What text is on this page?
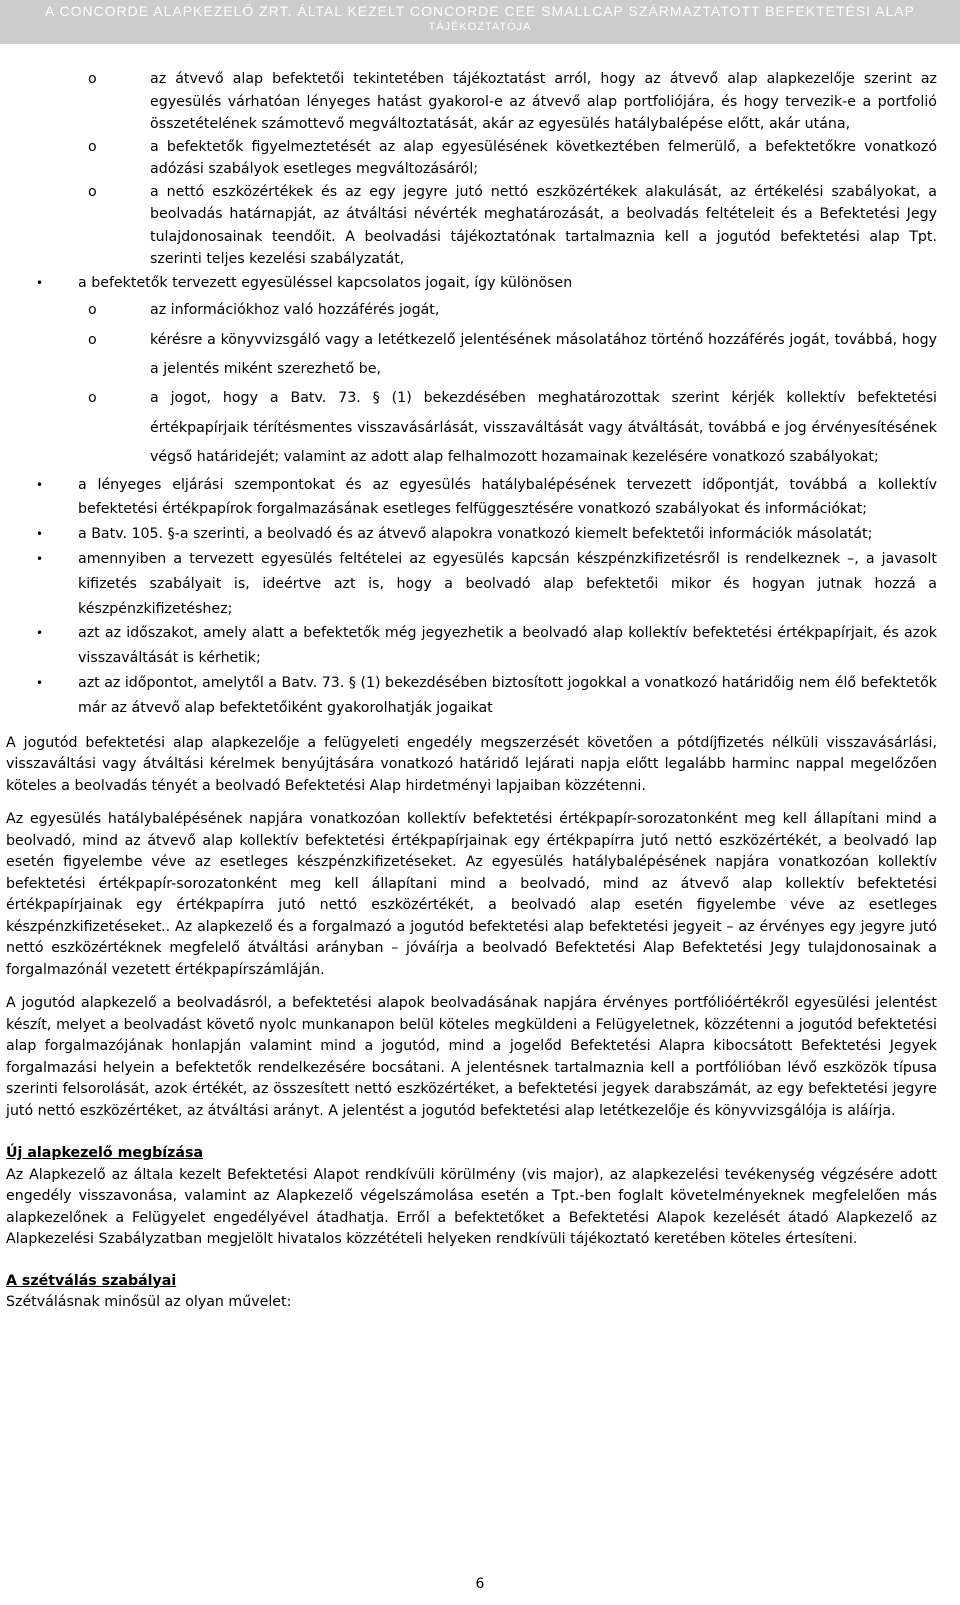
A CONCORDE ALAPKEZELŐ ZRT. ÁLTAL KEZELT CONCORDE CEE SMALLCAP SZÁRMAZTATOTT BEFEKTETÉSI ALAP
TÁJÉKOZTATÓJA
o	az átvevő alap befektetői tekintetében tájékoztatást arról, hogy az átvevő alap alapkezelője szerint az egyesülés várhatóan lényeges hatást gyakorol-e az átvevő alap portfoliójára, és hogy tervezik-e a portfolió összetételének számottevő megváltoztatását, akár az egyesülés hatálybalépése előtt, akár utána,
o	a befektetők figyelmeztetését az alap egyesülésének következtében felmerülő, a befektetőkre vonatkozó adózási szabályok esetleges megváltozásáról;
o	a nettó eszközértékek és az egy jegyre jutó nettó eszközértékek alakulását, az értékelési szabályokat, a beolvadás határnapját, az átváltási névérték meghatározását, a beolvadás feltételeit és a Befektetési Jegy tulajdonosainak teendőit. A beolvadási tájékoztatónak tartalmaznia kell a jogutód befektetési alap Tpt. szerinti teljes kezelési szabályzatát,
• a befektetők tervezett egyesüléssel kapcsolatos jogait, így különösen
o	az információkhoz való hozzáférés jogát,
o	kérésre a könyvvizsgáló vagy a letétkezelő jelentésének másolatához történő hozzáférés jogát, továbbá, hogy a jelentés miként szerezhető be,
o	a jogot, hogy a Batv. 73. § (1) bekezdésében meghatározottak szerint kérjék kollektív befektetési értékpapírjaik térítésmentes visszavásárlását, visszaváltását vagy átváltását, továbbá e jog érvényesítésének végső határidejét; valamint az adott alap felhalmozott hozamainak kezelésére vonatkozó szabályokat;
• a lényeges eljárási szempontokat és az egyesülés hatálybalépésének tervezett időpontját, továbbá a kollektív befektetési értékpapírok forgalmazásának esetleges felfüggesztésére vonatkozó szabályokat és információkat;
• a Batv. 105. §-a szerinti, a beolvadó és az átvevő alapokra vonatkozó kiemelt befektetői információk másolatát;
• amennyiben a tervezett egyesülés feltételei az egyesülés kapcsán készpénzkifizetésről is rendelkeznek –, a javasolt kifizetés szabályait is, ideértve azt is, hogy a beolvadó alap befektetői mikor és hogyan jutnak hozzá a készpénzkifizetéshez;
• azt az időszakot, amely alatt a befektetők még jegyezhetik a beolvadó alap kollektív befektetési értékpapírjait, és azok visszaváltását is kérhetik;
• azt az időpontot, amelytől a Batv. 73. § (1) bekezdésében biztosított jogokkal a vonatkozó határidőig nem élő befektetők már az átvevő alap befektetőiként gyakorolhatják jogaikat
A jogutód befektetési alap alapkezelője a felügyeleti engedély megszerzését követően a pótdíjfizetés nélküli visszavásárlási, visszaváltási vagy átváltási kérelmek benyújtására vonatkozó határidő lejárati napja előtt legalább harminc nappal megelőzően köteles a beolvadás tényét a beolvadó Befektetési Alap hirdetményi lapjaiban közzétenni.
Az egyesülés hatálybalépésének napjára vonatkozóan kollektív befektetési értékpapír-sorozatonként meg kell állapítani mind a beolvadó, mind az átvevő alap kollektív befektetési értékpapírjainak egy értékpapírra jutó nettó eszközértékét, a beolvadó lap esetén figyelembe véve az esetleges készpénzkifizetéseket. Az egyesülés hatálybalépésének napjára vonatkozóan kollektív befektetési értékpapír-sorozatonként meg kell állapítani mind a beolvadó, mind az átvevő alap kollektív befektetési értékpapírjainak egy értékpapírra jutó nettó eszközértékét, a beolvadó alap esetén figyelembe véve az esetleges készpénzkifizetéseket.. Az alapkezelő és a forgalmazó a jogutód befektetési alap befektetési jegyeit – az érvényes egy jegyre jutó nettó eszközértéknek megfelelő átváltási arányban – jóváírja a beolvadó Befektetési Alap Befektetési Jegy tulajdonosainak a forgalmazónál vezetett értékpapírszámláján.
A jogutód alapkezelő a beolvadásról, a befektetési alapok beolvadásának napjára érvényes portfólióértékről egyesülési jelentést készít, melyet a beolvadást követő nyolc munkanapon belül köteles megküldeni a Felügyeletnek, közzétenni a jogutód befektetési alap forgalmazójának honlapján valamint mind a jogutód, mind a jogelőd Befektetési Alapra kibocsátott Befektetési Jegyek forgalmazási helyein a befektetők rendelkezésére bocsátani. A jelentésnek tartalmaznia kell a portfólióban lévő eszközök típusa szerinti felsorolását, azok értékét, az összesített nettó eszközértéket, a befektetési jegyek darabszámát, az egy befektetési jegyre jutó nettó eszközértéket, az átváltási arányt. A jelentést a jogutód befektetési alap letétkezelője és könyvvizsgálója is aláírja.
Új alapkezelő megbízása
Az Alapkezelő az általa kezelt Befektetési Alapot rendkívüli körülmény (vis major), az alapkezelési tevékenység végzésére adott engedély visszavonása, valamint az Alapkezelő végelszámolása esetén a Tpt.-ben foglalt követelményeknek megfelelően más alapkezelőnek a Felügyelet engedélyével átadhatja. Erről a befektetőket a Befektetési Alapok kezelését átadó Alapkezelő az Alapkezelési Szabályzatban megjelölt hivatalos közzétételi helyeken rendkívüli tájékoztató keretében köteles értesíteni.
A szétválás szabályai
Szétválásnak minősül az olyan művelet:
6
